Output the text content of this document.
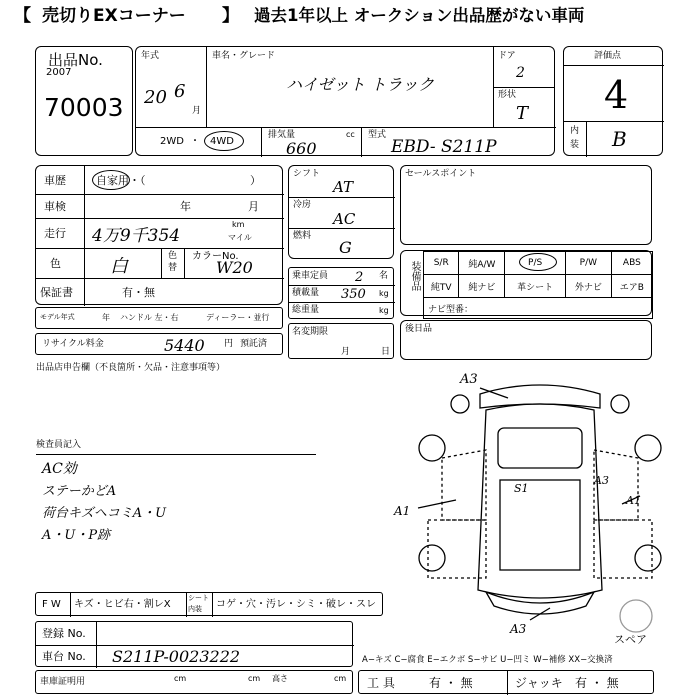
【 売切りEXコーナー 】 過去1年以上 オークション出品歴がない車両
出品No.
2007
70003
年式
20 6
月
車名・グレード
ハイゼット トラック
ドア
2
形状
T
2WD ・ 4WD
排気量
660
cc 型式
EBD- S211P
評価点
4
内
装 B
車歴	自家用・（	）
車検	年	月
走行 4万9千354
km
マイル
色	白	色
替
カラーNo.
W20
保証書	有・無
モデル年式	年 ハンドル 左・右	ディーラー・並行
リサイクル料金	5440 円 預託済
シフト
AT
冷房
AC
燃料
G
乗車定員 2 名
積載量 350 kg
総重量	kg
名変期限
月	日
セールスポイント
装備品 S/R	純A/W	P/S	P/W	ABS
純TV	純ナビ	革シート	外ナビ	エアB
ナビ型番：				
後日品
出品店申告欄（不良箇所・欠品・注意事項等）
検査員記入
AC効
ステーかどA
荷台キズヘコミA・U
A・U・P跡
A3
S1
A3
A1
A1
A3
スペア
F W キズ・ヒビ右・割レX
シート
内装 コゲ・穴・汚レ・シミ・破レ・スレ
登録 No.
車台 No. S211P-0023222
車庫証明用	cm	cm 高さ	cm
A−キズ C−腐食 E−エクボ S−サビ U−凹ミ W−補修 XX−交換済
工 具	有 ・ 無	ジャッキ 有 ・ 無
